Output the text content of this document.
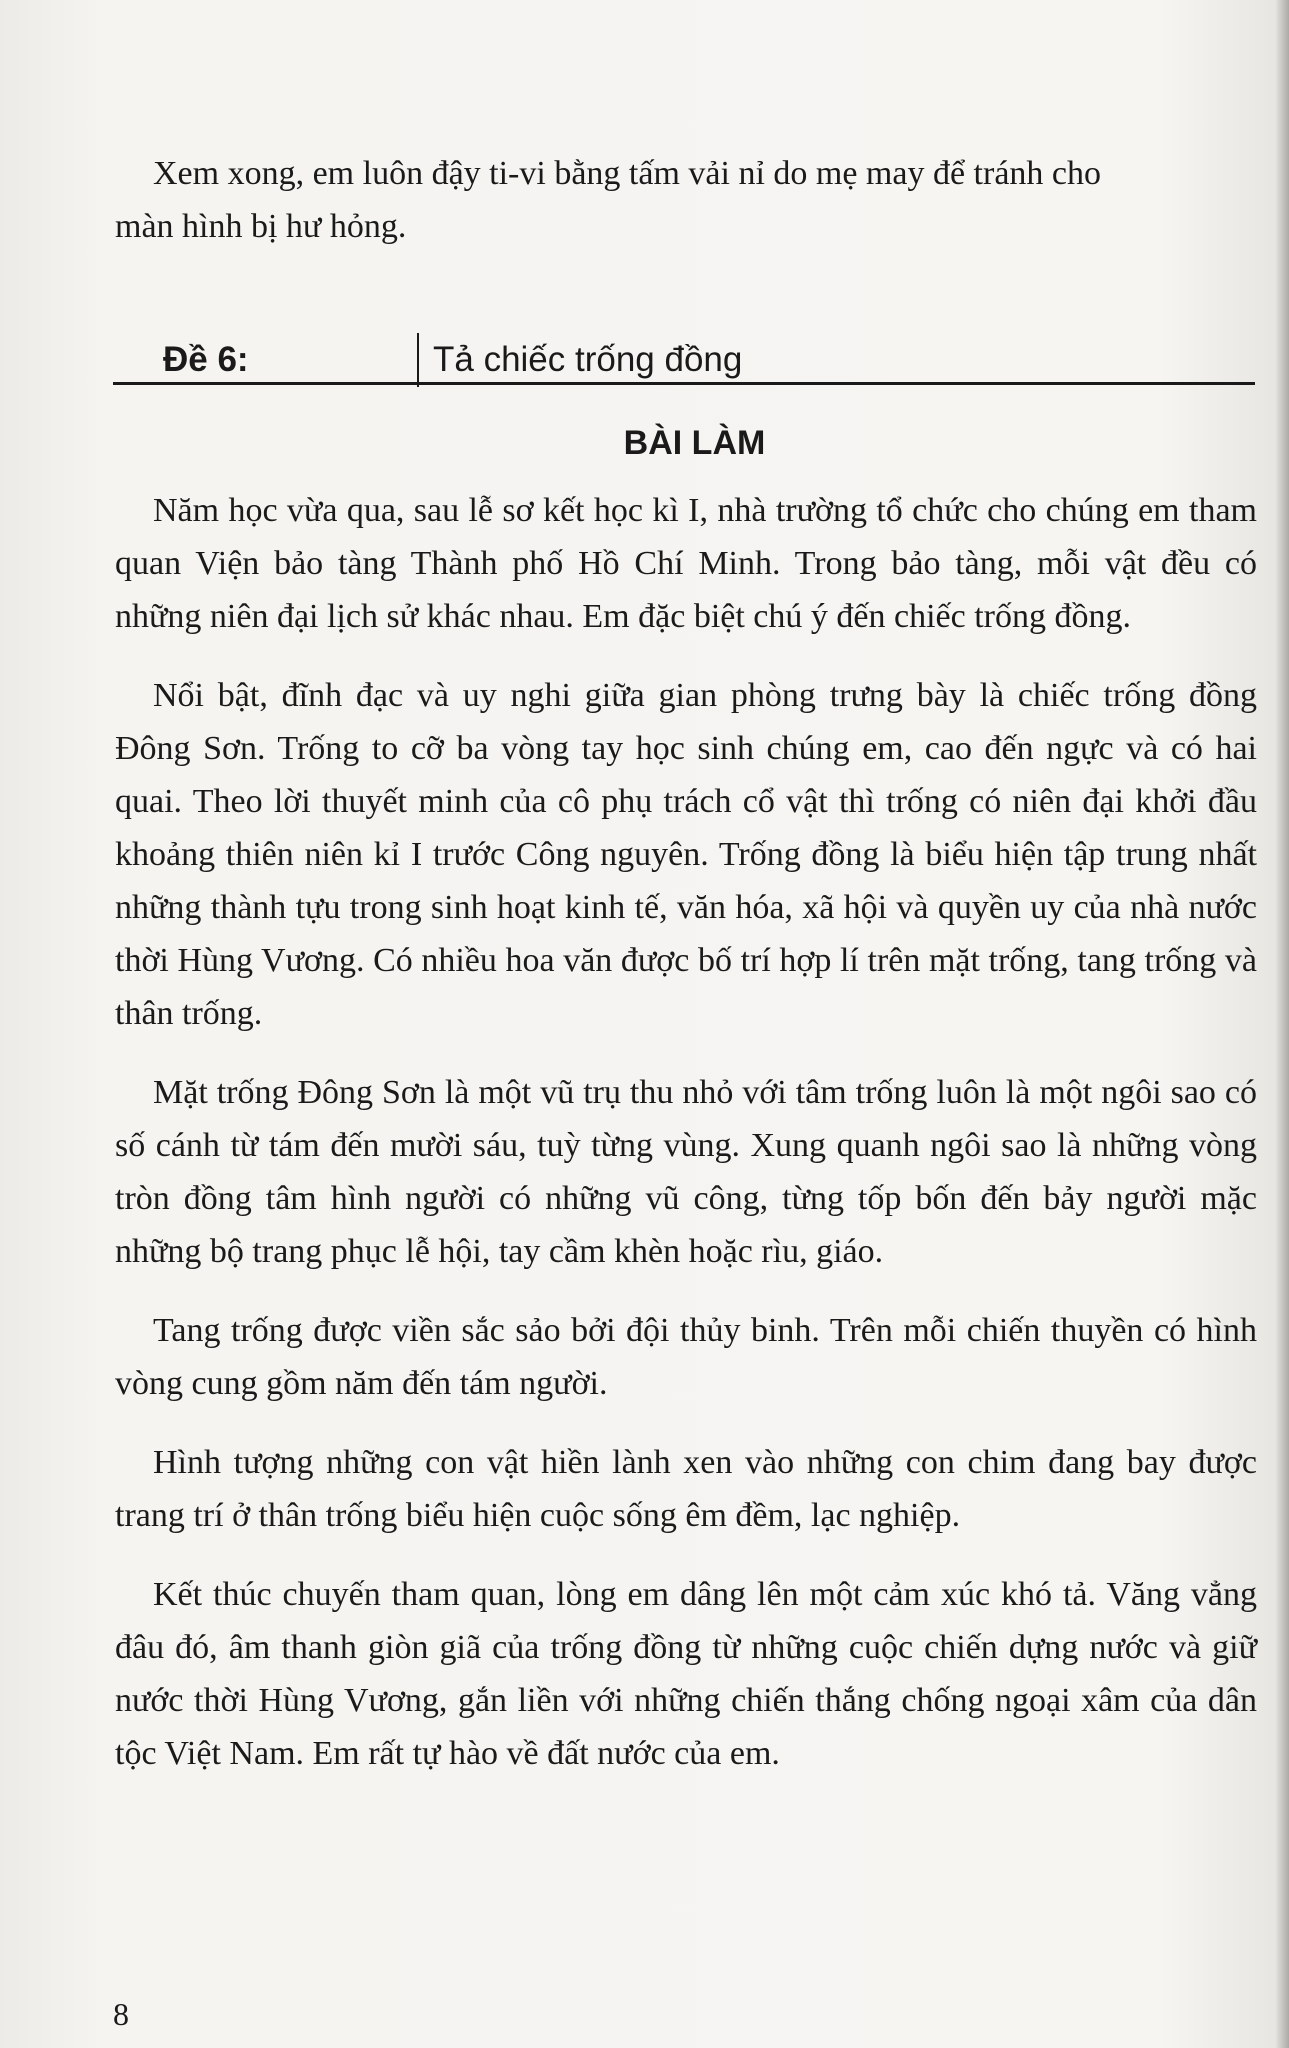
Xem xong, em luôn đậy ti-vi bằng tấm vải nỉ do mẹ may để tránh cho
màn hình bị hư hỏng.

Đề 6:	Tả chiếc trống đồng
BÀI LÀM

Năm học vừa qua, sau lễ sơ kết học kì I, nhà trường tổ chức cho chúng em tham quan Viện bảo tàng Thành phố Hồ Chí Minh. Trong bảo tàng, mỗi vật đều có những niên đại lịch sử khác nhau. Em đặc biệt chú ý đến chiếc trống đồng.

Nổi bật, đĩnh đạc và uy nghi giữa gian phòng trưng bày là chiếc trống đồng Đông Sơn. Trống to cỡ ba vòng tay học sinh chúng em, cao đến ngực và có hai quai. Theo lời thuyết minh của cô phụ trách cổ vật thì trống có niên đại khởi đầu khoảng thiên niên kỉ I trước Công nguyên. Trống đồng là biểu hiện tập trung nhất những thành tựu trong sinh hoạt kinh tế, văn hóa, xã hội và quyền uy của nhà nước thời Hùng Vương. Có nhiều hoa văn được bố trí hợp lí trên mặt trống, tang trống và thân trống.

Mặt trống Đông Sơn là một vũ trụ thu nhỏ với tâm trống luôn là một ngôi sao có số cánh từ tám đến mười sáu, tuỳ từng vùng. Xung quanh ngôi sao là những vòng tròn đồng tâm hình người có những vũ công, từng tốp bốn đến bảy người mặc những bộ trang phục lễ hội, tay cầm khèn hoặc rìu, giáo.

Tang trống được viền sắc sảo bởi đội thủy binh. Trên mỗi chiến thuyền có hình vòng cung gồm năm đến tám người.

Hình tượng những con vật hiền lành xen vào những con chim đang bay được trang trí ở thân trống biểu hiện cuộc sống êm đềm, lạc nghiệp.

Kết thúc chuyến tham quan, lòng em dâng lên một cảm xúc khó tả. Văng vẳng đâu đó, âm thanh giòn giã của trống đồng từ những cuộc chiến dựng nước và giữ nước thời Hùng Vương, gắn liền với những chiến thắng chống ngoại xâm của dân tộc Việt Nam. Em rất tự hào về đất nước của em.

8
